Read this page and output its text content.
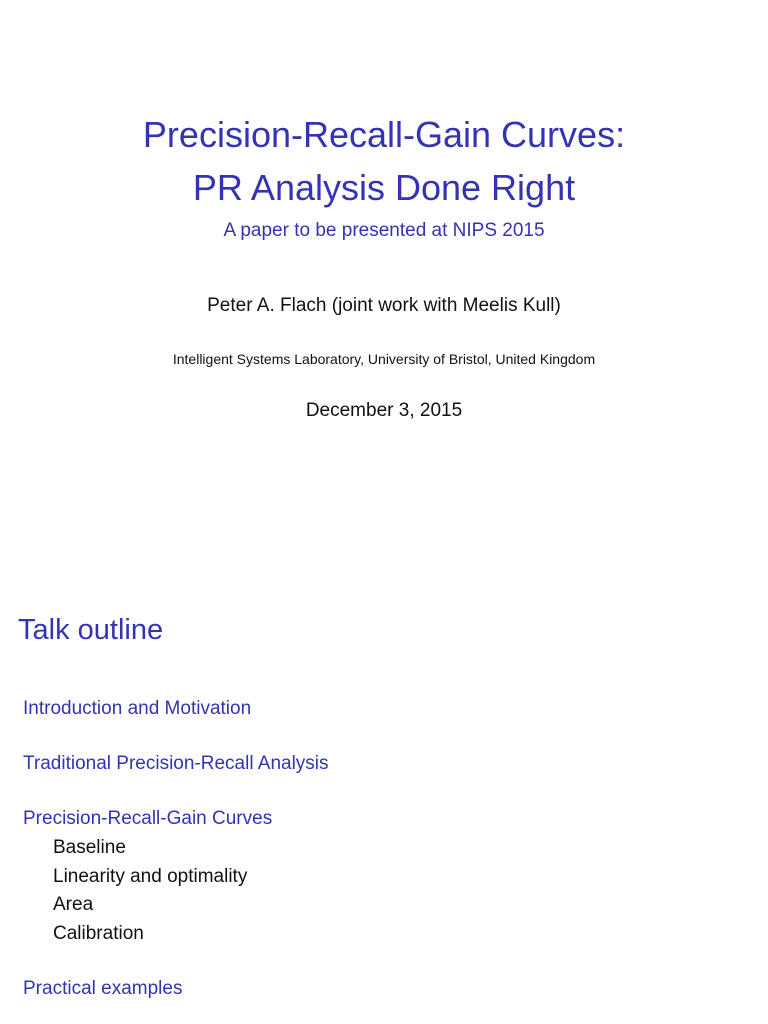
Precision-Recall-Gain Curves:
PR Analysis Done Right
A paper to be presented at NIPS 2015
Peter A. Flach (joint work with Meelis Kull)
Intelligent Systems Laboratory, University of Bristol, United Kingdom
December 3, 2015
Talk outline
Introduction and Motivation
Traditional Precision-Recall Analysis
Precision-Recall-Gain Curves
Baseline
Linearity and optimality
Area
Calibration
Practical examples
